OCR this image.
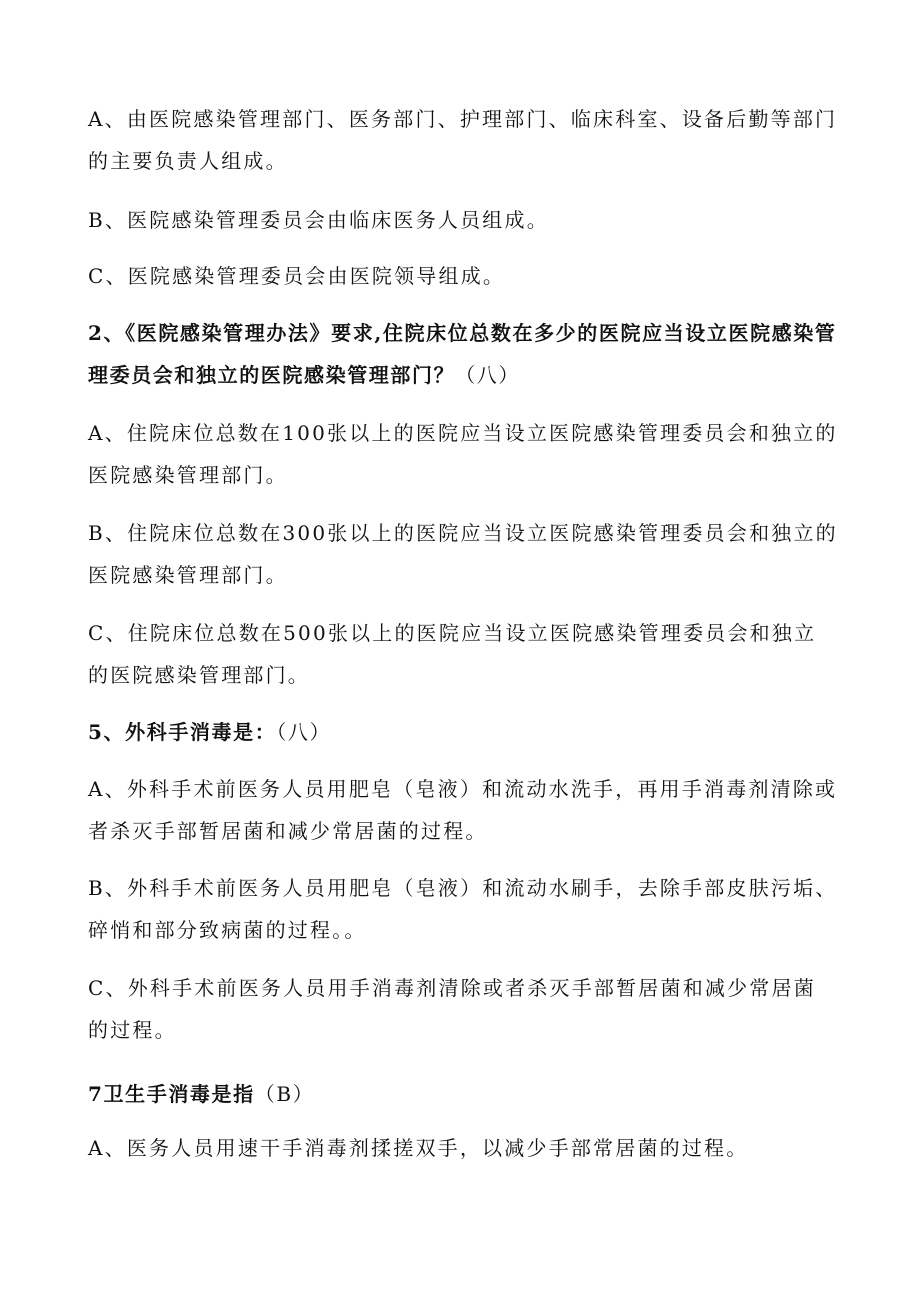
A、由医院感染管理部门、医务部门、护理部门、临床科室、设备后勤等部门的主要负责人组成。

B、医院感染管理委员会由临床医务人员组成。

C、医院感染管理委员会由医院领导组成。

2、《医院感染管理办法》要求,住院床位总数在多少的医院应当设立医院感染管理委员会和独立的医院感染管理部门？（八）

A、住院床位总数在100张以上的医院应当设立医院感染管理委员会和独立的医院感染管理部门。

B、住院床位总数在300张以上的医院应当设立医院感染管理委员会和独立的医院感染管理部门。

C、住院床位总数在500张以上的医院应当设立医院感染管理委员会和独立的医院感染管理部门。

5、外科手消毒是：（八）

A、外科手术前医务人员用肥皂（皂液）和流动水洗手，再用手消毒剂清除或者杀灭手部暂居菌和减少常居菌的过程。

B、外科手术前医务人员用肥皂（皂液）和流动水刷手，去除手部皮肤污垢、碎悄和部分致病菌的过程。。

C、外科手术前医务人员用手消毒剂清除或者杀灭手部暂居菌和减少常居菌的过程。

7卫生手消毒是指（B）

A、医务人员用速干手消毒剂揉搓双手，以减少手部常居菌的过程。
